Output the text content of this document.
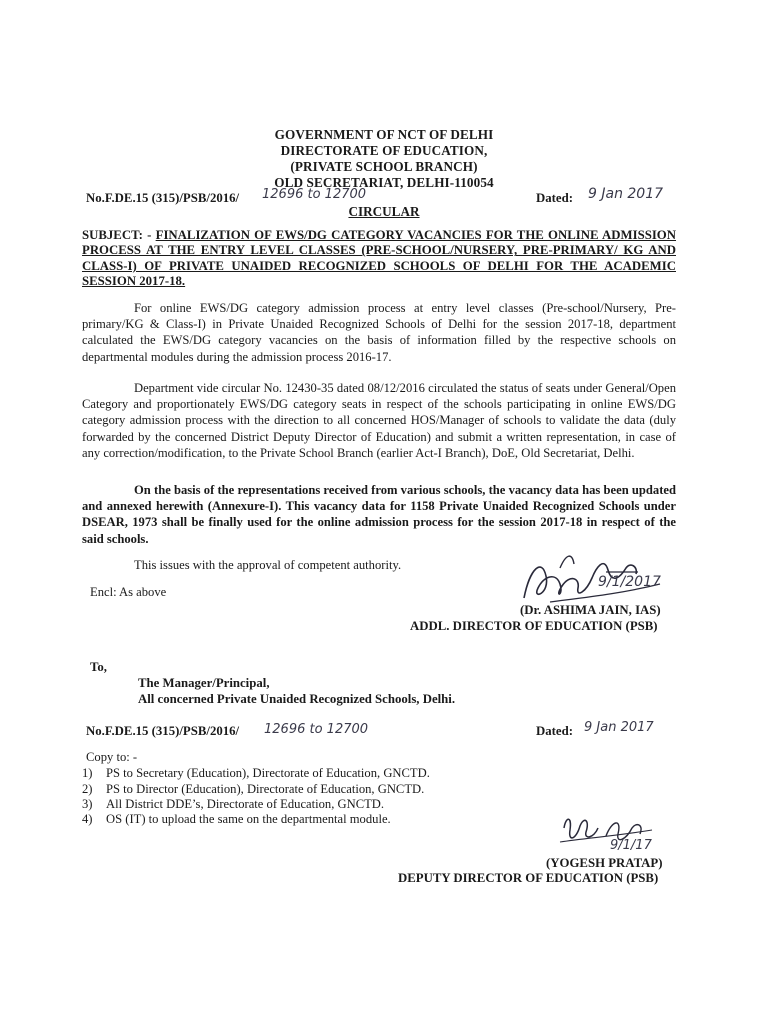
GOVERNMENT OF NCT OF DELHI
DIRECTORATE OF EDUCATION,
(PRIVATE SCHOOL BRANCH)
OLD SECRETARIAT, DELHI-110054
No.F.DE.15 (315)/PSB/2016/ 12696 to 12700	Dated: 9 Jan 2017
CIRCULAR
SUBJECT: - FINALIZATION OF EWS/DG CATEGORY VACANCIES FOR THE ONLINE ADMISSION PROCESS AT THE ENTRY LEVEL CLASSES (PRE-SCHOOL/NURSERY, PRE-PRIMARY/ KG AND CLASS-I) OF PRIVATE UNAIDED RECOGNIZED SCHOOLS OF DELHI FOR THE ACADEMIC SESSION 2017-18.
For online EWS/DG category admission process at entry level classes (Pre-school/Nursery, Pre-primary/KG & Class-I) in Private Unaided Recognized Schools of Delhi for the session 2017-18, department calculated the EWS/DG category vacancies on the basis of information filled by the respective schools on departmental modules during the admission process 2016-17.
Department vide circular No. 12430-35 dated 08/12/2016 circulated the status of seats under General/Open Category and proportionately EWS/DG category seats in respect of the schools participating in online EWS/DG category admission process with the direction to all concerned HOS/Manager of schools to validate the data (duly forwarded by the concerned District Deputy Director of Education) and submit a written representation, in case of any correction/modification, to the Private School Branch (earlier Act-I Branch), DoE, Old Secretariat, Delhi.
On the basis of the representations received from various schools, the vacancy data has been updated and annexed herewith (Annexure-I). This vacancy data for 1158 Private Unaided Recognized Schools under DSEAR, 1973 shall be finally used for the online admission process for the session 2017-18 in respect of the said schools.
This issues with the approval of competent authority.
Encl: As above
9/1/2017
(Dr. ASHIMA JAIN, IAS)
ADDL. DIRECTOR OF EDUCATION (PSB)
To,
The Manager/Principal,
All concerned Private Unaided Recognized Schools, Delhi.
No.F.DE.15 (315)/PSB/2016/ 12696 to 12700	Dated: 9 Jan 2017
Copy to: -
1) PS to Secretary (Education), Directorate of Education, GNCTD.
2) PS to Director (Education), Directorate of Education, GNCTD.
3) All District DDE’s, Directorate of Education, GNCTD.
4) OS (IT) to upload the same on the departmental module.
9/1/17
(YOGESH PRATAP)
DEPUTY DIRECTOR OF EDUCATION (PSB)
